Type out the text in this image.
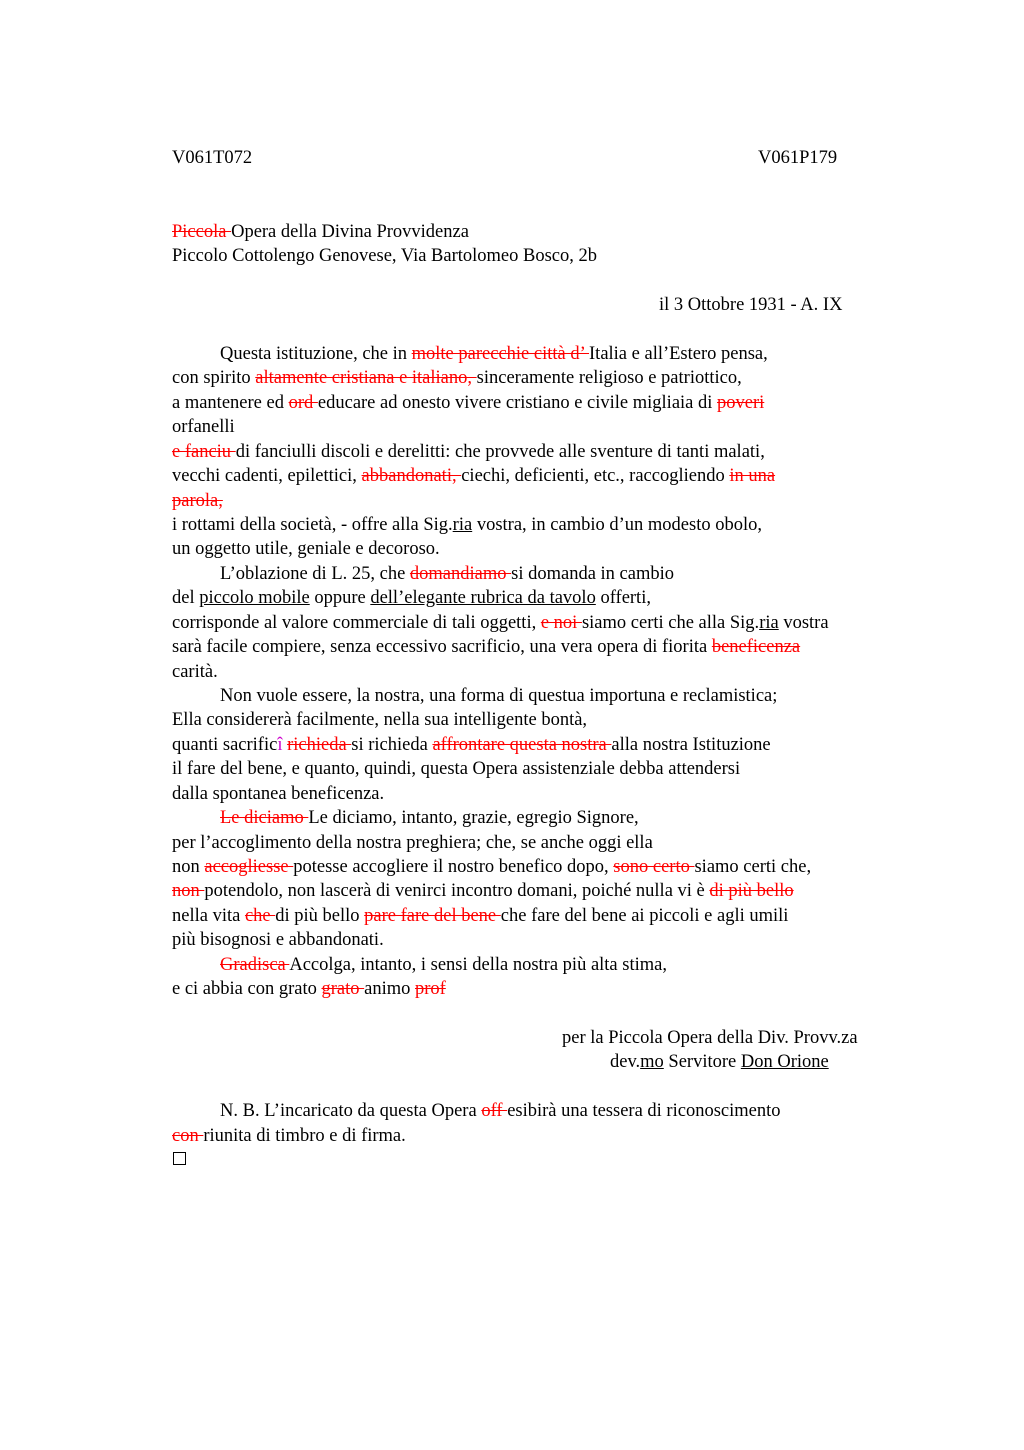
V061T072	V061P179
Piccola Opera della Divina Provvidenza
Piccolo Cottolengo Genovese, Via Bartolomeo Bosco, 2b
il 3 Ottobre 1931 - A. IX
Questa istituzione, che in molte parecchie città d’ Italia e all’Estero pensa,
con spirito altamente cristiana e italiano, sinceramente religioso e patriottico,
a mantenere ed ord educare ad onesto vivere cristiano e civile migliaia di poveri
orfanelli
e fanciu di fanciulli discoli e derelitti: che provvede alle sventure di tanti malati,
vecchi cadenti, epilettici, abbandonati, ciechi, deficienti, etc., raccogliendo in una
parola,
i rottami della società, - offre alla Sig.ria vostra, in cambio d’un modesto obolo,
un oggetto utile, geniale e decoroso.
L’oblazione di L. 25, che domandiamo si domanda in cambio
del piccolo mobile oppure dell’elegante rubrica da tavolo offerti,
corrisponde al valore commerciale di tali oggetti, e noi siamo certi che alla Sig.ria vostra
sarà facile compiere, senza eccessivo sacrificio, una vera opera di fiorita beneficenza
carità.
Non vuole essere, la nostra, una forma di questua importuna e reclamistica;
Ella considererà facilmente, nella sua intelligente bontà,
quanti sacrificî richieda si richieda affrontare questa nostra alla nostra Istituzione
il fare del bene, e quanto, quindi, questa Opera assistenziale debba attendersi
dalla spontanea beneficenza.
Le diciamo Le diciamo, intanto, grazie, egregio Signore,
per l’accoglimento della nostra preghiera; che, se anche oggi ella
non accogliesse potesse accogliere il nostro benefico dopo, sono certo siamo certi che,
non potendolo, non lascerà di venirci incontro domani, poiché nulla vi è di più bello
nella vita che di più bello pare fare del bene che fare del bene ai piccoli e agli umili
più bisognosi e abbandonati.
Gradisca Accolga, intanto, i sensi della nostra più alta stima,
e ci abbia con grato grato animo prof
per la Piccola Opera della Div. Provv.za
dev.mo Servitore Don Orione
N. B. L’incaricato da questa Opera off esibirà una tessera di riconoscimento
con riunita di timbro e di firma.
